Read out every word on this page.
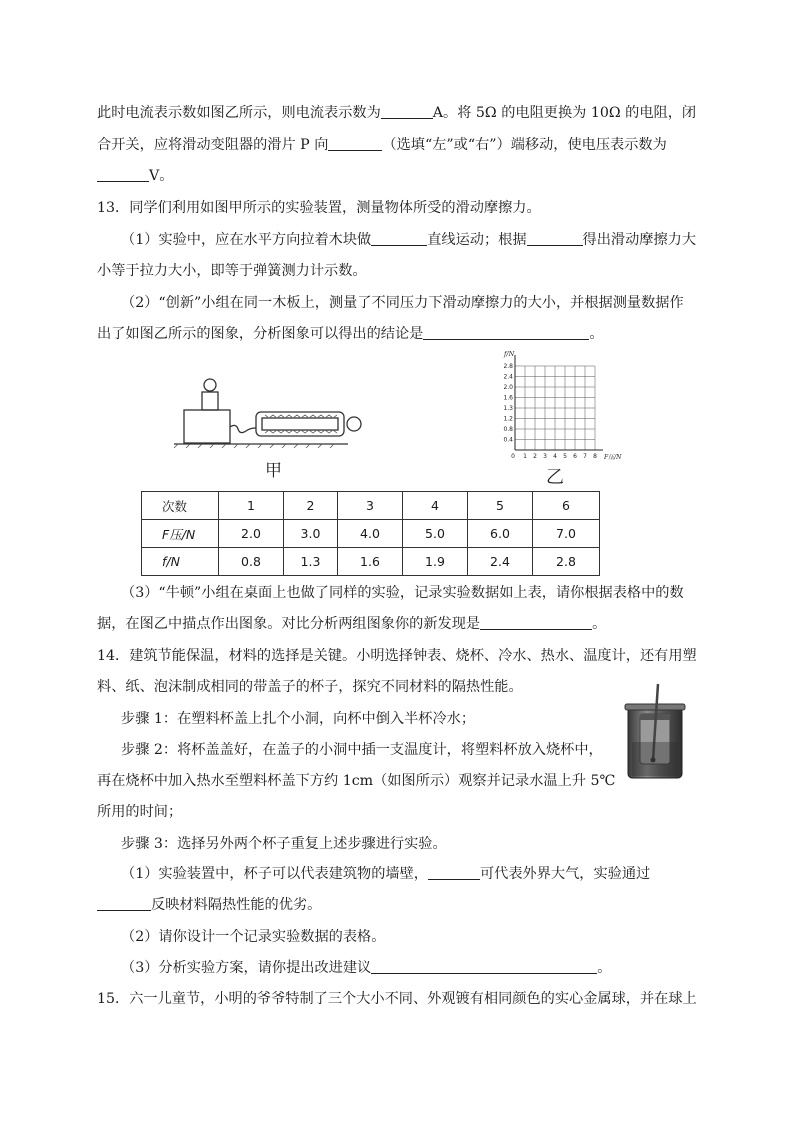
此时电流表示数如图乙所示，则电流表示数为	A。将 5Ω 的电阻更换为 10Ω 的电阻，闭
合开关，应将滑动变阻器的滑片 P 向	（选填“左”或“右”）端移动，使电压表示数为
V。
13．同学们利用如图甲所示的实验装置，测量物体所受的滑动摩擦力。
（1）实验中，应在水平方向拉着木块做	直线运动；根据	得出滑动摩擦力大
小等于拉力大小，即等于弹簧测力计示数。
（2）“创新”小组在同一木板上，测量了不同压力下滑动摩擦力的大小，并根据测量数据作
出了如图乙所示的图象，分析图象可以得出的结论是	。
甲
f/N
F压/N
2.8
2.4
2.0
1.6
1.3
1.2
0.8
0.4
0 1 2 3 4 5 6 7 8
乙
次数	1	2	3	4	5	6
F压/N	2.0	3.0	4.0	5.0	6.0	7.0
f/N	0.8	1.3	1.6	1.9	2.4	2.8
（3）“牛顿”小组在桌面上也做了同样的实验，记录实验数据如上表，请你根据表格中的数
据，在图乙中描点作出图象。对比分析两组图象你的新发现是	。
14．建筑节能保温，材料的选择是关键。小明选择钟表、烧杯、冷水、热水、温度计，还有用塑
料、纸、泡沫制成相同的带盖子的杯子，探究不同材料的隔热性能。
步骤 1：在塑料杯盖上扎个小洞，向杯中倒入半杯冷水；
步骤 2：将杯盖盖好，在盖子的小洞中插一支温度计，将塑料杯放入烧杯中，
再在烧杯中加入热水至塑料杯盖下方约 1cm（如图所示）观察并记录水温上升 5℃
所用的时间；
步骤 3：选择另外两个杯子重复上述步骤进行实验。
（1）实验装置中，杯子可以代表建筑物的墙壁，	可代表外界大气，实验通过
反映材料隔热性能的优劣。
（2）请你设计一个记录实验数据的表格。
（3）分析实验方案，请你提出改进建议	。
15．六一儿童节，小明的爷爷特制了三个大小不同、外观镀有相同颜色的实心金属球，并在球上
